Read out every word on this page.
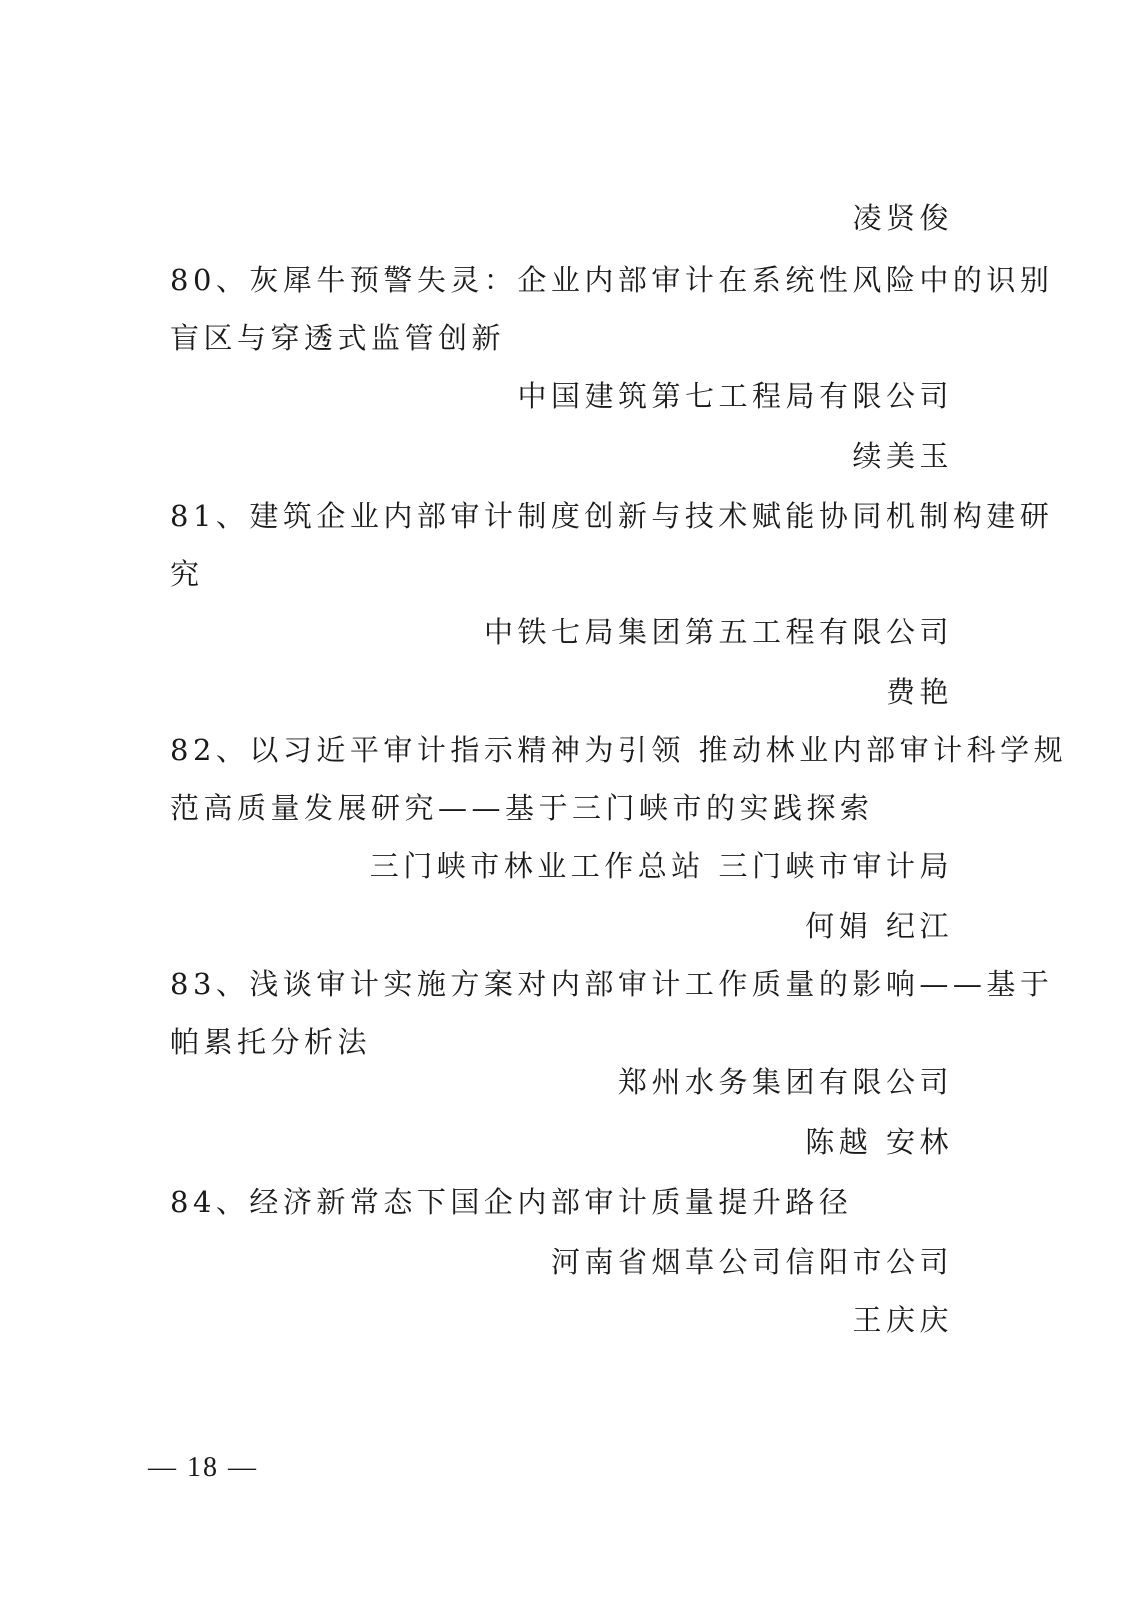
凌贤俊
80、灰犀牛预警失灵：企业内部审计在系统性风险中的识别
盲区与穿透式监管创新
中国建筑第七工程局有限公司
续美玉
81、建筑企业内部审计制度创新与技术赋能协同机制构建研
究
中铁七局集团第五工程有限公司
费艳
82、以习近平审计指示精神为引领 推动林业内部审计科学规
范高质量发展研究——基于三门峡市的实践探索
三门峡市林业工作总站 三门峡市审计局
何娟 纪江
83、浅谈审计实施方案对内部审计工作质量的影响——基于
帕累托分析法
郑州水务集团有限公司
陈越 安林
84、经济新常态下国企内部审计质量提升路径
河南省烟草公司信阳市公司
王庆庆
— 18 —
